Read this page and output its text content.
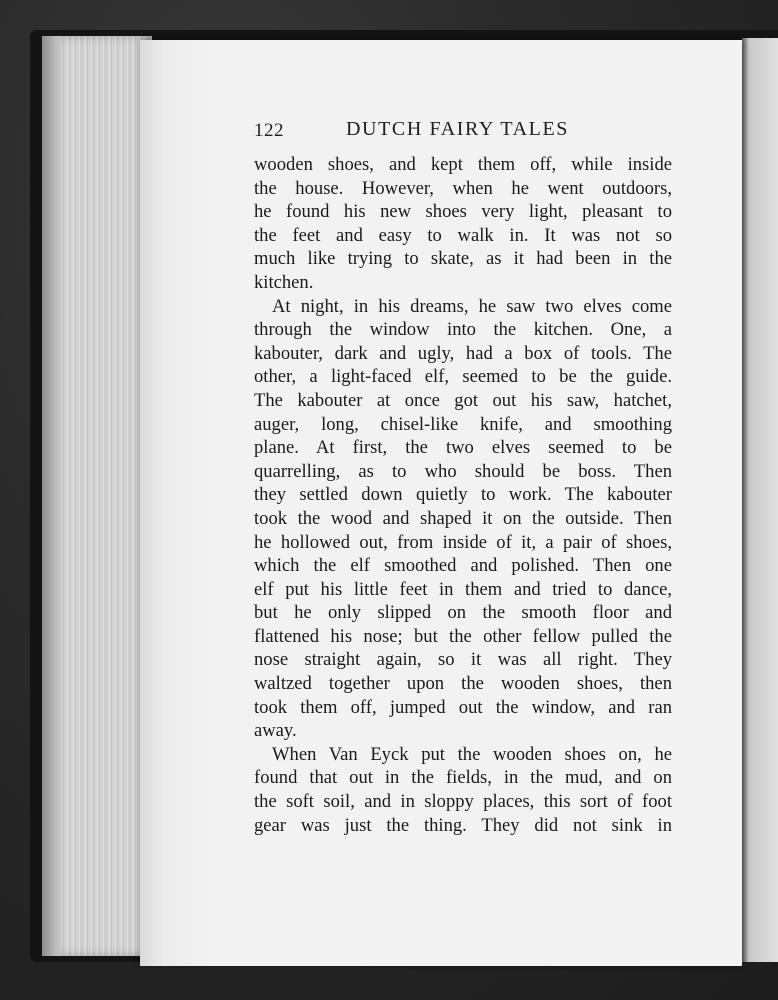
122	DUTCH FAIRY TALES
wooden shoes, and kept them off, while inside
the house. However, when he went outdoors,
he found his new shoes very light, pleasant to
the feet and easy to walk in. It was not so
much like trying to skate, as it had been in the
kitchen.
At night, in his dreams, he saw two elves come
through the window into the kitchen. One, a
kabouter, dark and ugly, had a box of tools. The
other, a light-faced elf, seemed to be the guide.
The kabouter at once got out his saw, hatchet,
auger, long, chisel-like knife, and smoothing
plane. At first, the two elves seemed to be
quarrelling, as to who should be boss. Then
they settled down quietly to work. The kabouter
took the wood and shaped it on the outside. Then
he hollowed out, from inside of it, a pair of shoes,
which the elf smoothed and polished. Then one
elf put his little feet in them and tried to dance,
but he only slipped on the smooth floor and
flattened his nose; but the other fellow pulled the
nose straight again, so it was all right. They
waltzed together upon the wooden shoes, then
took them off, jumped out the window, and ran
away.
When Van Eyck put the wooden shoes on, he
found that out in the fields, in the mud, and on
the soft soil, and in sloppy places, this sort of foot
gear was just the thing. They did not sink in
